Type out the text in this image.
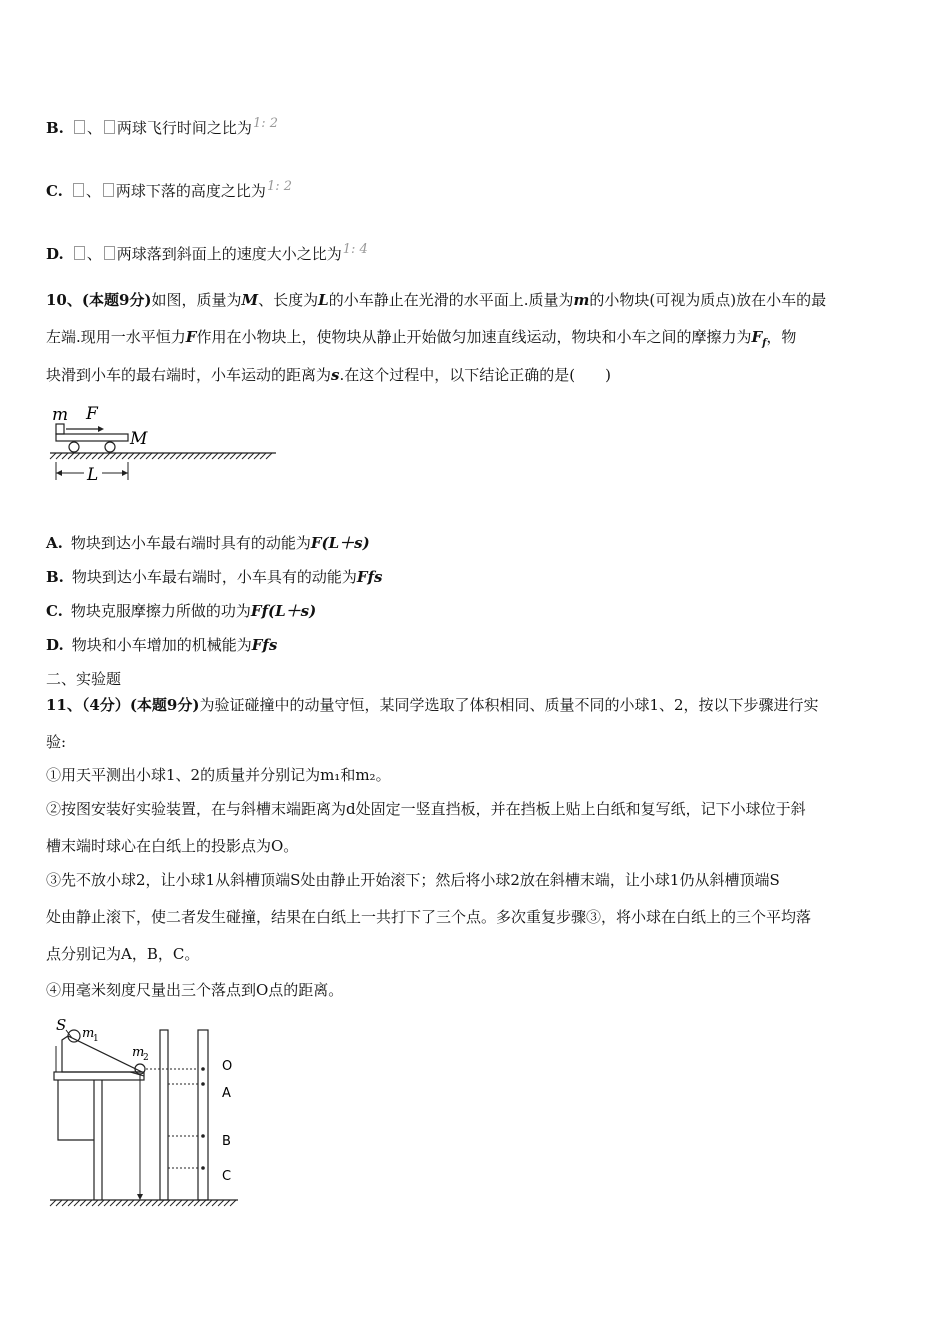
B. 、 两球飞行时间之比为1: 2
C. 、 两球下落的高度之比为1: 2
D. 、 两球落到斜面上的速度大小之比为1: 4
10、(本题9分)如图，质量为M、长度为L的小车静止在光滑的水平面上.质量为m的小物块(可视为质点)放在小车的最
左端.现用一水平恒力F作用在小物块上，使物块从静止开始做匀加速直线运动，物块和小车之间的摩擦力为$F_f$，物
块滑到小车的最右端时，小车运动的距离为s.在这个过程中，以下结论正确的是(　　)
m F
M
L
A. 物块到达小车最右端时具有的动能为F(L＋s)
B. 物块到达小车最右端时，小车具有的动能为Ffs
C. 物块克服摩擦力所做的功为Ff(L＋s)
D. 物块和小车增加的机械能为Ffs
二、实验题
11、（4分）(本题9分)为验证碰撞中的动量守恒，某同学选取了体积相同、质量不同的小球1、2，按以下步骤进行实
验:
①用天平测出小球1、2的质量并分别记为m₁和m₂。
②按图安装好实验装置，在与斜槽末端距离为d处固定一竖直挡板，并在挡板上贴上白纸和复写纸，记下小球位于斜
槽末端时球心在白纸上的投影点为O。
③先不放小球2，让小球1从斜槽顶端S处由静止开始滚下；然后将小球2放在斜槽末端，让小球1仍从斜槽顶端S
处由静止滚下，使二者发生碰撞，结果在白纸上一共打下了三个点。多次重复步骤③，将小球在白纸上的三个平均落
点分别记为A，B，C。
④用毫米刻度尺量出三个落点到O点的距离。
S m
1
m
2
O
A
B
C
